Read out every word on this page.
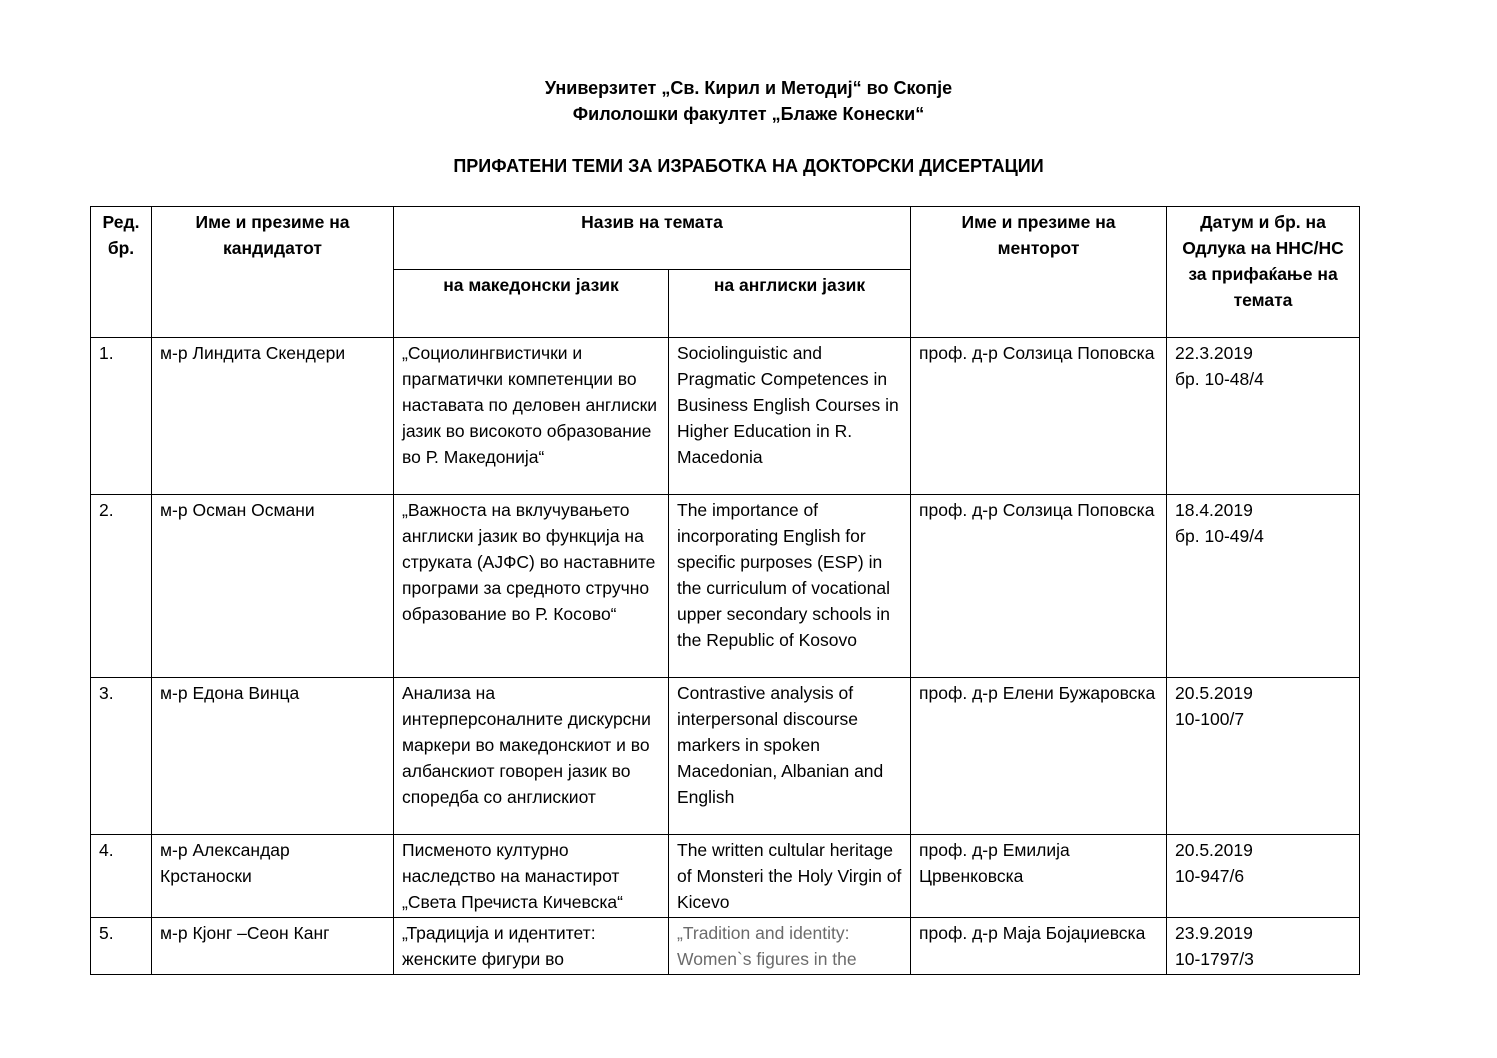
Универзитет „Св. Кирил и Методиј“ во Скопје
Филолошки факултет „Блаже Конески“
ПРИФАТЕНИ ТЕМИ ЗА ИЗРАБОТКА НА ДОКТОРСКИ ДИСЕРТАЦИИ
Ред. бр.	Име и презиме на кандидатот	Назив на темата		Име и презиме на менторот	Датум и бр. на Одлука на ННС/НС за прифаќање на темата
		на македонски јазик	на англиски јазик		
1.	м-р Линдита Скендери	„Социолингвистички и прагматички компетенции во наставата по деловен англиски јазик во високото образование во Р. Македонија“	Sociolinguistic and Pragmatic Competences in Business English Courses in Higher Education in R. Macedonia	проф. д-р Солзица Поповска	22.3.2019
бр. 10-48/4

2.	м-р Осман Османи	„Важноста на вклучувањето англиски јазик во функција на струката (АЈФС) во наставните програми за средното стручно образование во Р. Косово“	The importance of incorporating English for specific purposes (ESP) in the curriculum of vocational upper secondary schools in the Republic of Kosovo	проф. д-р Солзица Поповска	18.4.2019
бр. 10-49/4

3.	м-р Едона Винца	Анализа на интерперсоналните дискурсни маркери во македонскиот и во албанскиот говорен јазик во споредба со англискиот	Contrastive analysis of interpersonal discourse markers in spoken Macedonian, Albanian and English	проф. д-р Елени Бужаровска	20.5.2019
10-100/7

4.	м-р Александар Крстаноски	Писменото културно наследство на манастирот „Света Пречиста Кичевска“	The written cultular heritage of Monsteri the Holy Virgin of Kicevo	проф. д-р Емилија Црвенковска	20.5.2019
10-947/6

5.	м-р Кјонг –Сеон Канг	„Традиција и идентитет: женските фигури во	„Tradition and identity: Women`s figures in the	проф. д-р Маја Бојаџиевска	23.9.2019
10-1797/3
